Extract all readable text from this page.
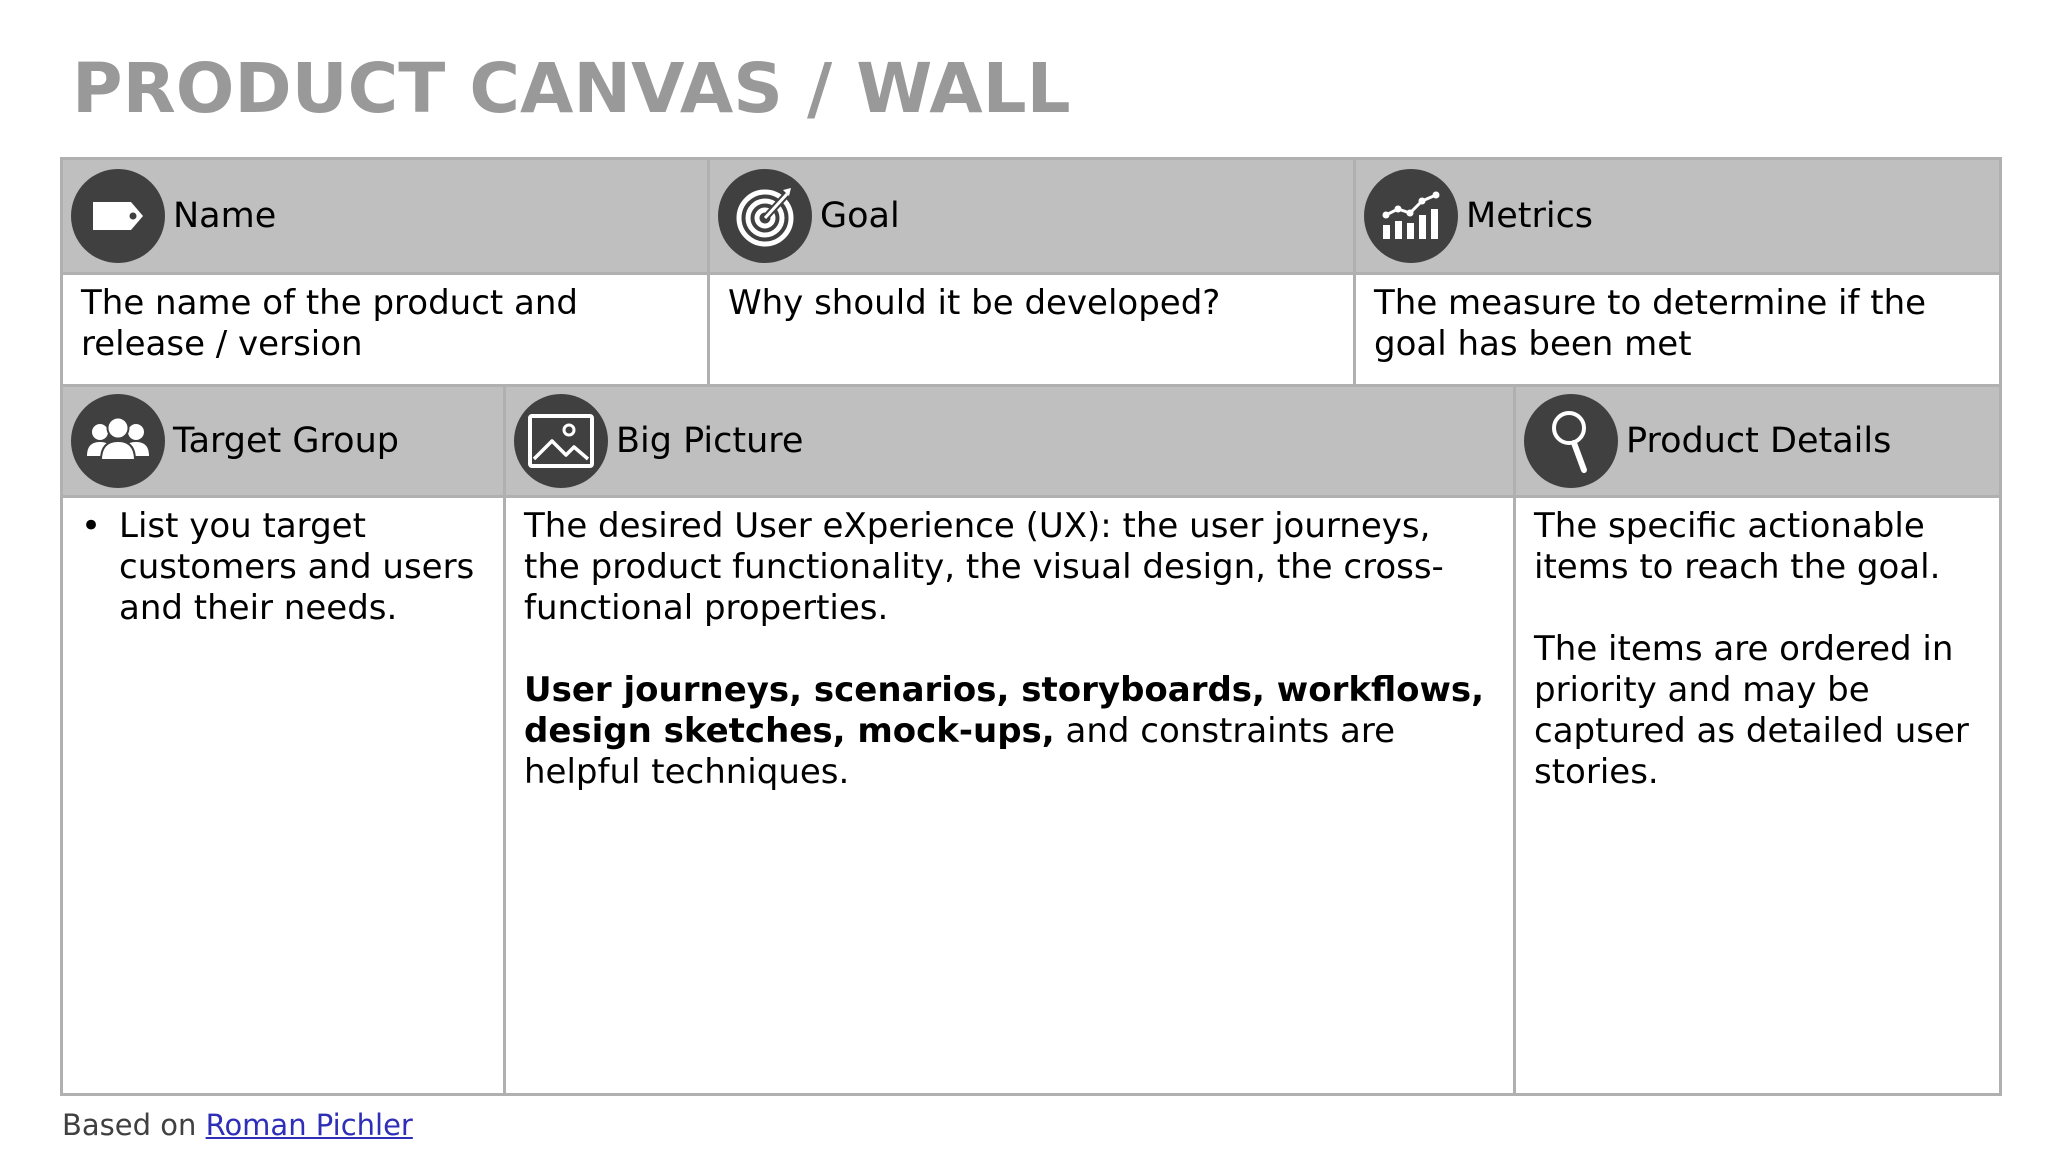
PRODUCT CANVAS / WALL
Name

The name of the product and release / version

Goal

Why should it be developed?

Metrics

The measure to determine if the goal has been met

Target Group
• List you target customers and users and their needs.
Big Picture

The desired User eXperience (UX): the user journeys, the product functionality, the visual design, the cross-functional properties.

User journeys, scenarios, storyboards, workflows, design sketches, mock-ups, and constraints are helpful techniques.

Product Details

The specific actionable items to reach the goal.

The items are ordered in priority and may be captured as detailed user stories.

Based on Roman Pichler
